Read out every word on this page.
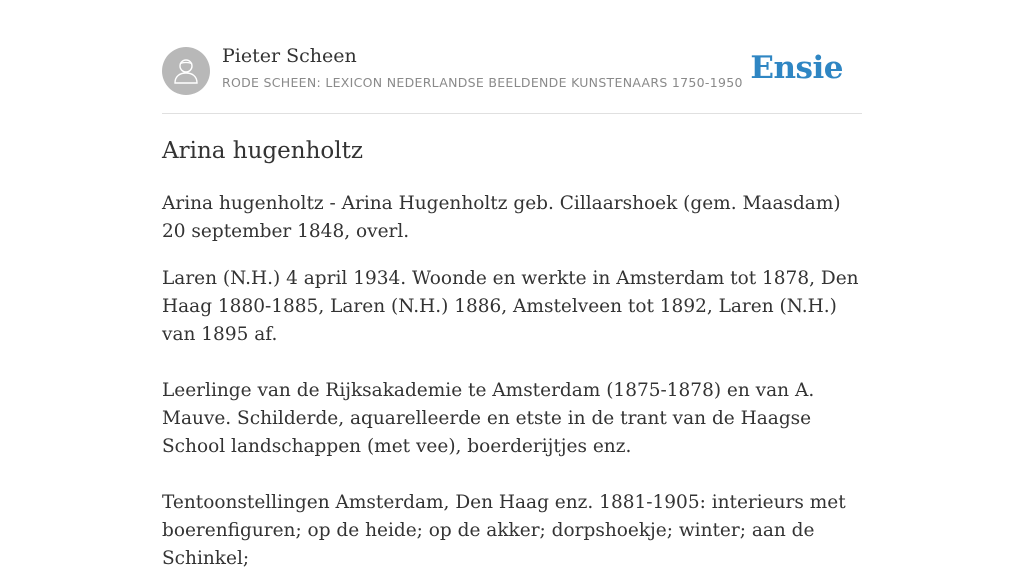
Pieter Scheen
RODE SCHEEN: LEXICON NEDERLANDSE BEELDENDE KUNSTENAARS 1750-1950 Ensie
Arina hugenholtz

Arina hugenholtz - Arina Hugenholtz geb. Cillaarshoek (gem. Maasdam) 20 september 1848, overl.

Laren (N.H.) 4 april 1934. Woonde en werkte in Amsterdam tot 1878, Den Haag 1880-1885, Laren (N.H.) 1886, Amstelveen tot 1892, Laren (N.H.) van 1895 af.

Leerlinge van de Rijksakademie te Amsterdam (1875-1878) en van A. Mauve. Schilderde, aquarelleerde en etste in de trant van de Haagse School landschappen (met vee), boerderijtjes enz.

Tentoonstellingen Amsterdam, Den Haag enz. 1881-1905: interieurs met boerenfiguren; op de heide; op de akker; dorpshoekje; winter; aan de Schinkel;
